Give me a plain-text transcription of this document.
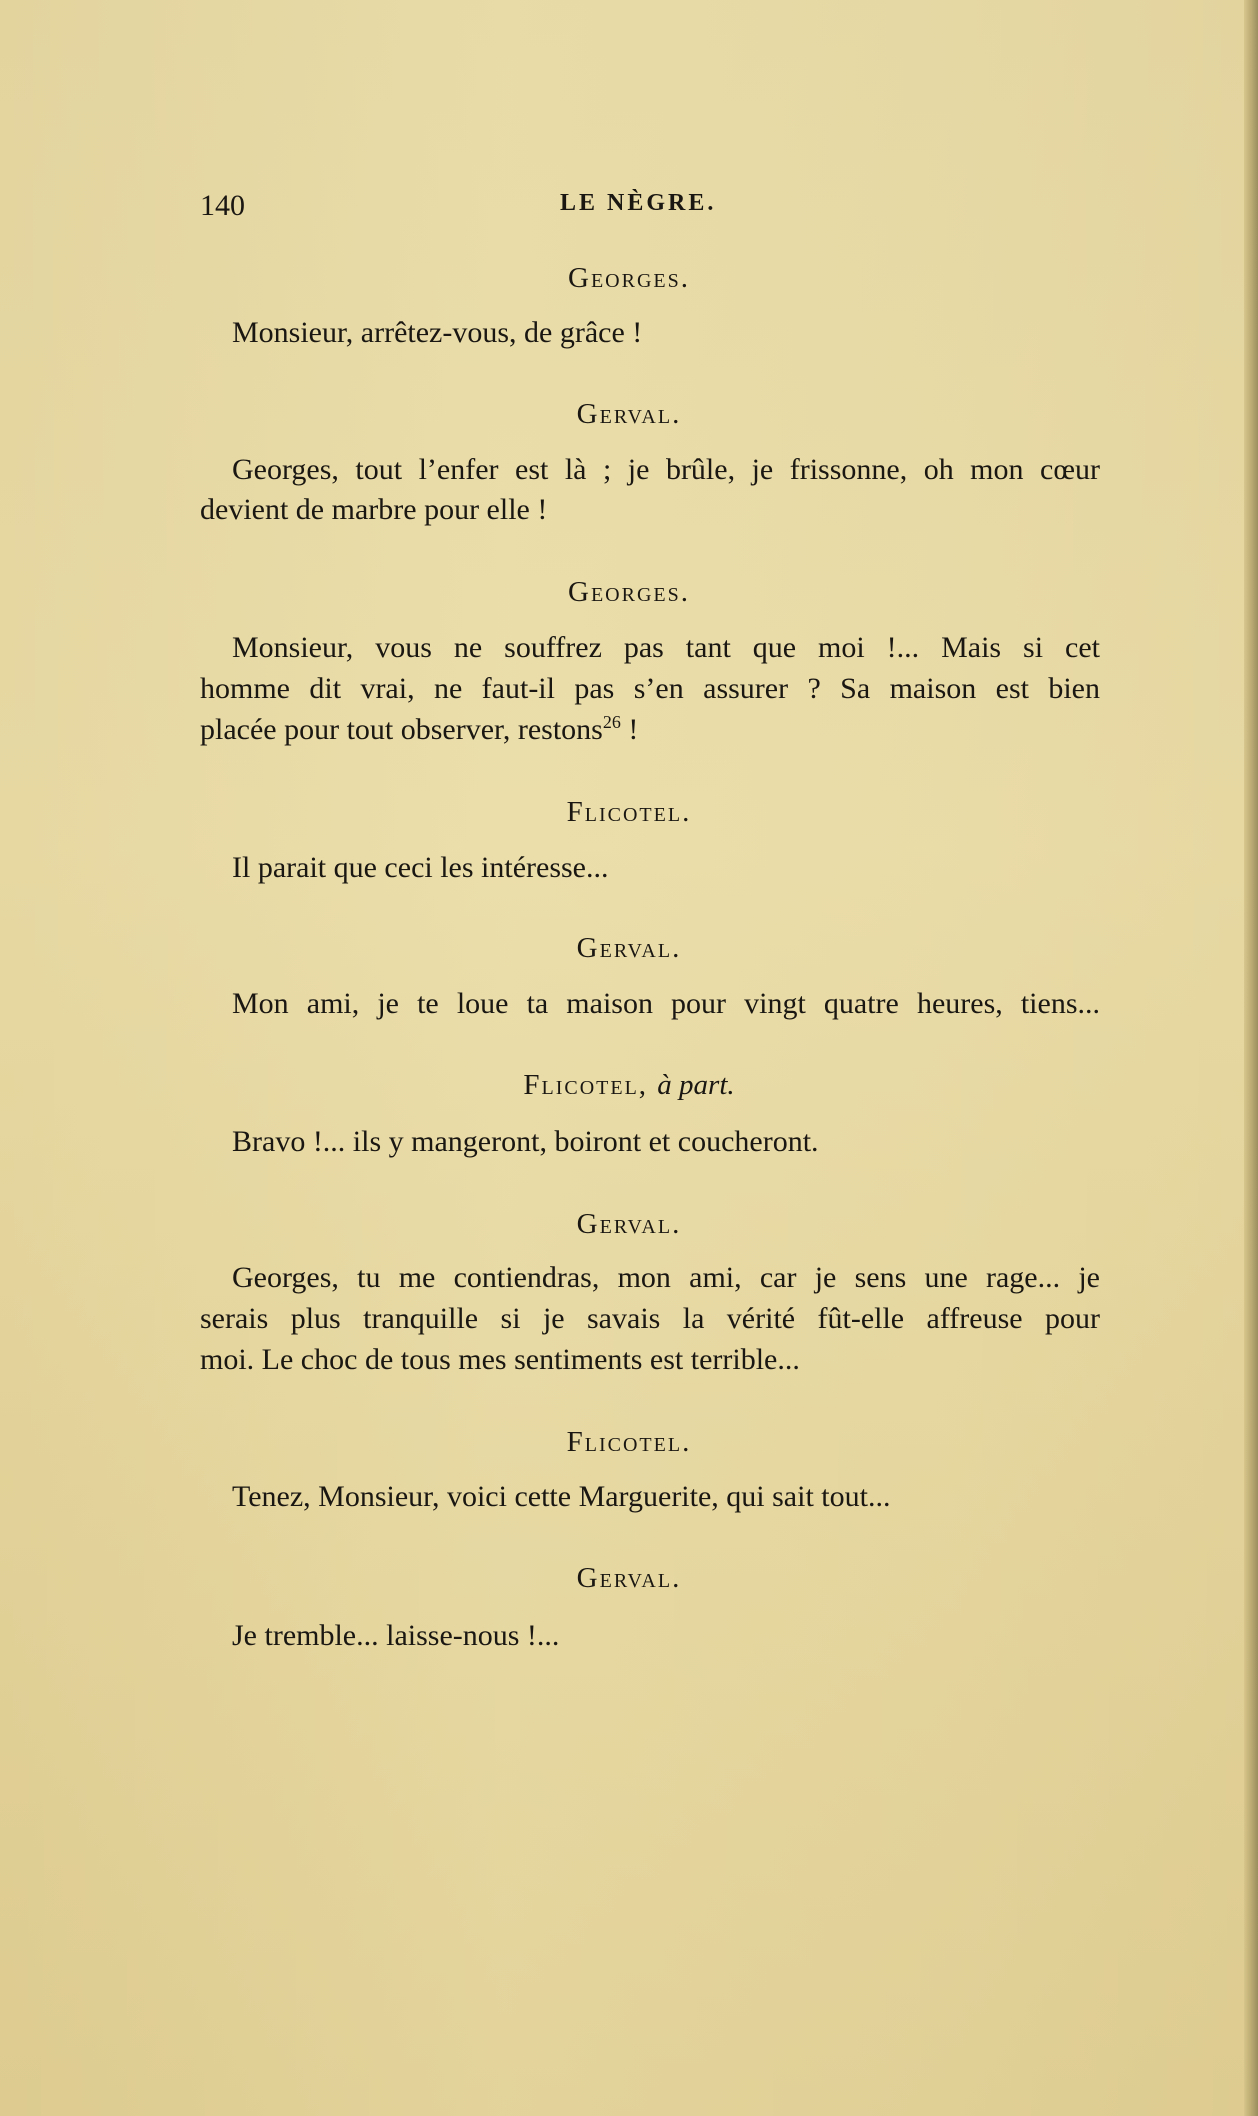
140	LE NÈGRE.
Georges.
Monsieur, arrêtez-vous, de grâce !
Gerval.
Georges, tout l’enfer est là ; je brûle, je frissonne, oh mon cœur
devient de marbre pour elle !
Georges.
Monsieur, vous ne souffrez pas tant que moi !... Mais si cet
homme dit vrai, ne faut-il pas s’en assurer ? Sa maison est bien
placée pour tout observer, restons$^{26}$ !
Flicotel.
Il parait que ceci les intéresse...
Gerval.
Mon ami, je te loue ta maison pour vingt quatre heures, tiens...
Flicotel, à part.
Bravo !... ils y mangeront, boiront et coucheront.
Gerval.
Georges, tu me contiendras, mon ami, car je sens une rage... je
serais plus tranquille si je savais la vérité fût-elle affreuse pour
moi. Le choc de tous mes sentiments est terrible...
Flicotel.
Tenez, Monsieur, voici cette Marguerite, qui sait tout...
Gerval.
Je tremble... laisse-nous !...
